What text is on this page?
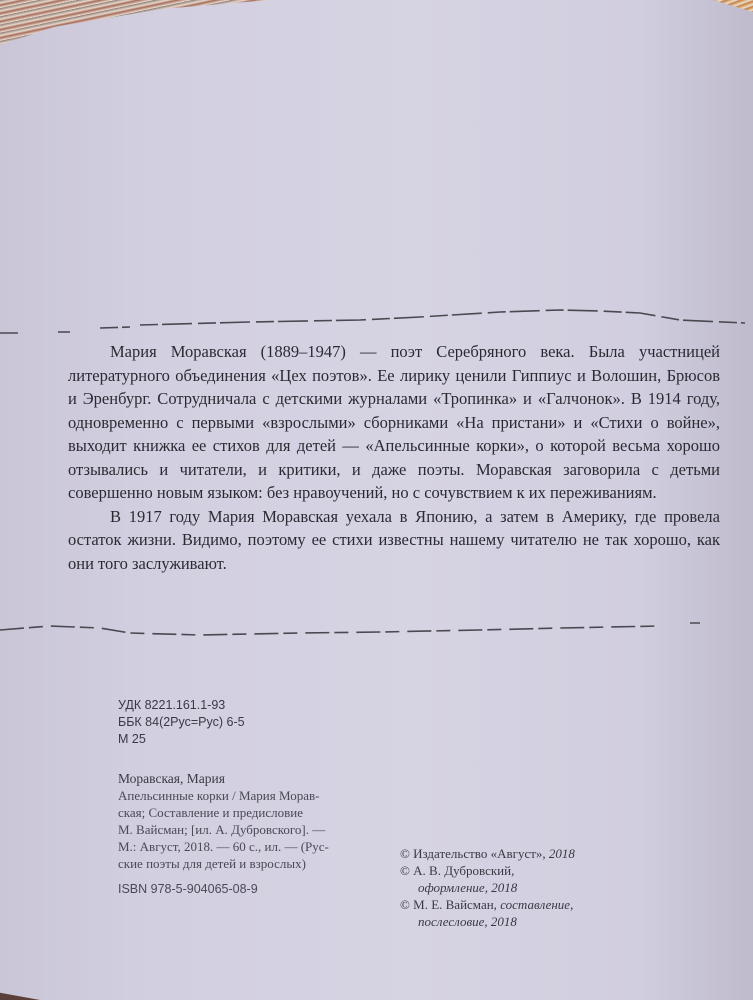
Мария Моравская (1889–1947) — поэт Серебряного века. Была участницей литературного объединения «Цех поэтов». Ее лирику ценили Гиппиус и Волошин, Брюсов и Эренбург. Сотрудничала с детскими журналами «Тропинка» и «Галчонок». В 1914 году, одновременно с первыми «взрослыми» сборниками «На пристани» и «Стихи о войне», выходит книжка ее стихов для детей — «Апельсинные корки», о которой весьма хорошо отзывались и читатели, и критики, и даже поэты. Моравская заговорила с детьми совершенно новым языком: без нравоучений, но с сочувствием к их переживаниям.

В 1917 году Мария Моравская уехала в Японию, а затем в Америку, где провела остаток жизни. Видимо, поэтому ее стихи известны нашему читателю не так хорошо, как они того заслуживают.

УДК 8221.161.1-93
ББК 84(2Рус=Рус) 6-5
М 25
Моравская, Мария
Апельсинные корки / Мария Морав-
ская; Составление и предисловие
М. Вайсман; [ил. А. Дубровского]. —
М.: Август, 2018. — 60 с., ил. — (Рус-
ские поэты для детей и взрослых)
ISBN 978-5-904065-08-9
© Издательство «Август», 2018
© А. В. Дубровский,
оформление, 2018
© М. Е. Вайсман, составление,
послесловие, 2018
